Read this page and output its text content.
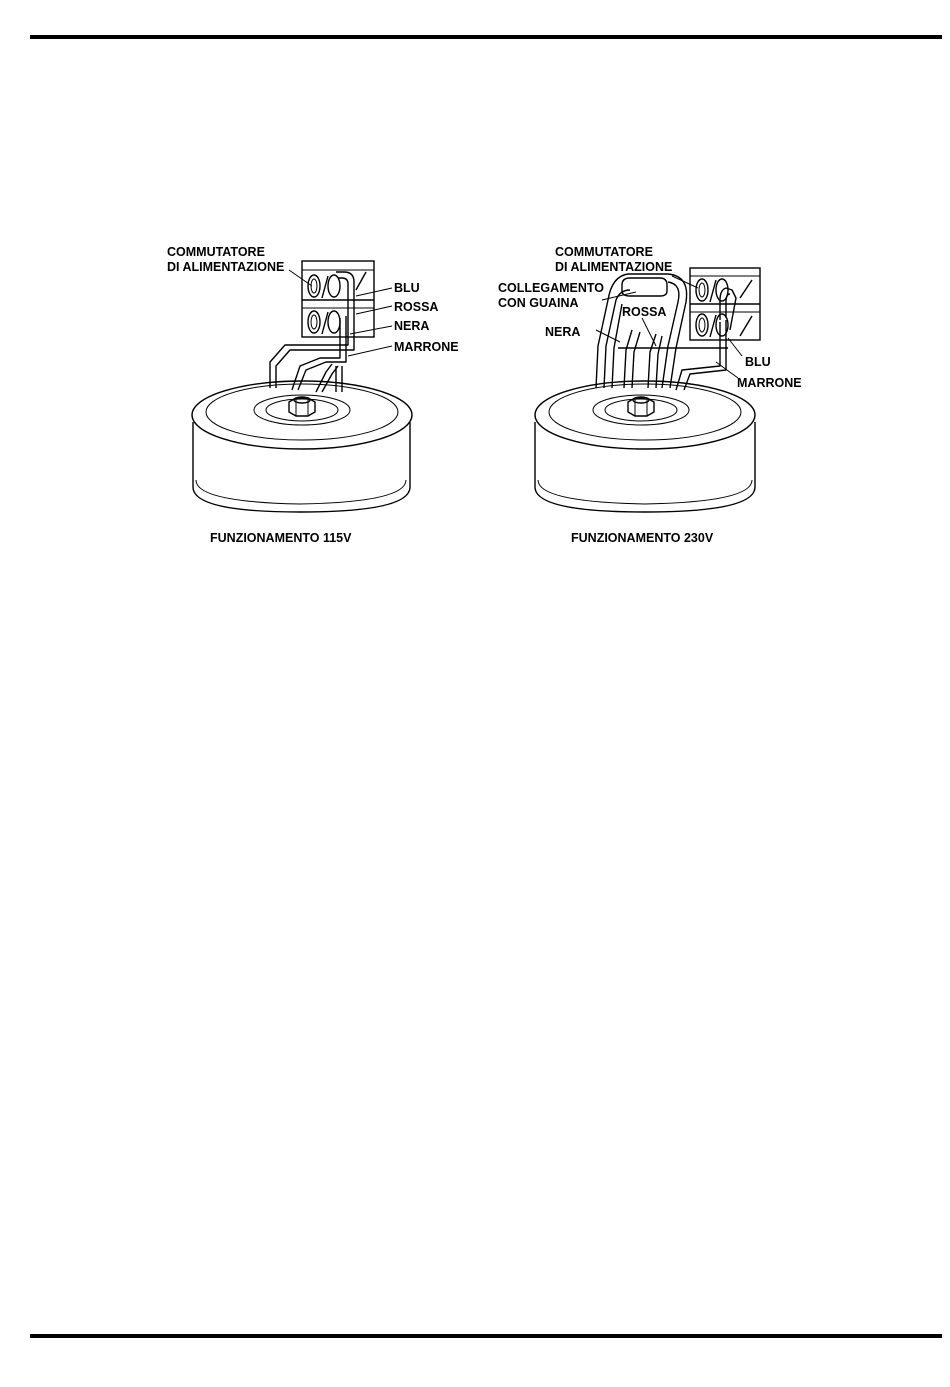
COMMUTATORE
DI ALIMENTAZIONE
BLU
ROSSA
NERA
MARRONE
FUNZIONAMENTO 115V
COMMUTATORE
DI ALIMENTAZIONE
COLLEGAMENTO
CON GUAINA
ROSSA
NERA
BLU
MARRONE
FUNZIONAMENTO 230V
